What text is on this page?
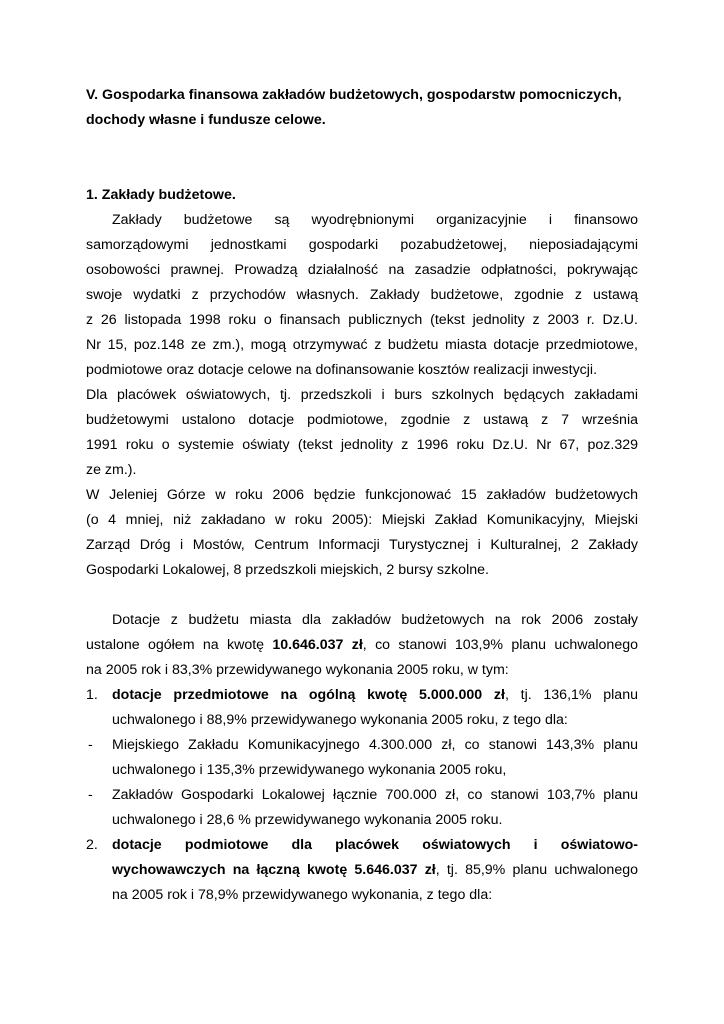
V. Gospodarka finansowa zakładów budżetowych, gospodarstw pomocniczych,
dochody własne i fundusze celowe.
1. Zakłady budżetowe.
Zakłady budżetowe są wyodrębnionymi organizacyjnie i finansowo
samorządowymi jednostkami gospodarki pozabudżetowej, nieposiadającymi
osobowości prawnej. Prowadzą działalność na zasadzie odpłatności, pokrywając
swoje wydatki z przychodów własnych. Zakłady budżetowe, zgodnie z ustawą
z 26 listopada 1998 roku o finansach publicznych (tekst jednolity z 2003 r. Dz.U.
Nr 15, poz.148 ze zm.), mogą otrzymywać z budżetu miasta dotacje przedmiotowe,
podmiotowe oraz dotacje celowe na dofinansowanie kosztów realizacji inwestycji.
Dla placówek oświatowych, tj. przedszkoli i burs szkolnych będących zakładami
budżetowymi ustalono dotacje podmiotowe, zgodnie z ustawą z 7 września
1991 roku o systemie oświaty (tekst jednolity z 1996 roku Dz.U. Nr 67, poz.329
ze zm.).
W Jeleniej Górze w roku 2006 będzie funkcjonować 15 zakładów budżetowych
(o 4 mniej, niż zakładano w roku 2005): Miejski Zakład Komunikacyjny, Miejski
Zarząd Dróg i Mostów, Centrum Informacji Turystycznej i Kulturalnej, 2 Zakłady
Gospodarki Lokalowej, 8 przedszkoli miejskich, 2 bursy szkolne.
Dotacje z budżetu miasta dla zakładów budżetowych na rok 2006 zostały
ustalone ogółem na kwotę 10.646.037 zł, co stanowi 103,9% planu uchwalonego
na 2005 rok i 83,3% przewidywanego wykonania 2005 roku, w tym:
1. dotacje przedmiotowe na ogólną kwotę 5.000.000 zł, tj. 136,1% planu
uchwalonego i 88,9% przewidywanego wykonania 2005 roku, z tego dla:
- Miejskiego Zakładu Komunikacyjnego 4.300.000 zł, co stanowi 143,3% planu
uchwalonego i 135,3% przewidywanego wykonania 2005 roku,
- Zakładów Gospodarki Lokalowej łącznie 700.000 zł, co stanowi 103,7% planu
uchwalonego i 28,6 % przewidywanego wykonania 2005 roku.
2. dotacje podmiotowe dla placówek oświatowych i oświatowo-
wychowawczych na łączną kwotę 5.646.037 zł, tj. 85,9% planu uchwalonego
na 2005 rok i 78,9% przewidywanego wykonania, z tego dla:
